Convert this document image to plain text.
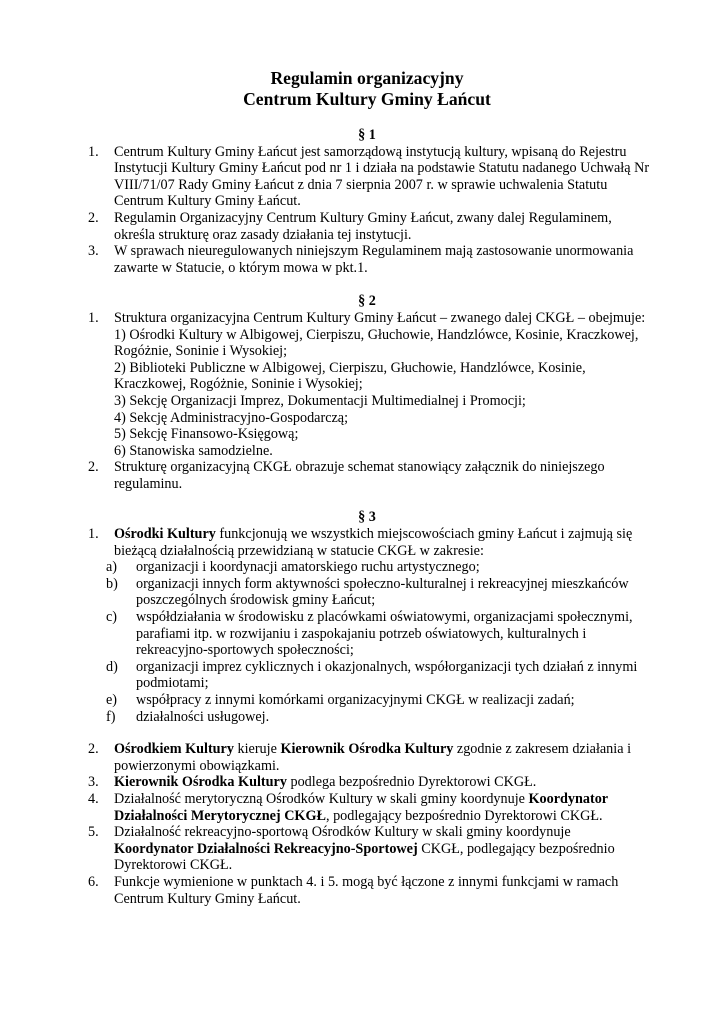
Regulamin organizacyjny
Centrum Kultury Gminy Łańcut
§ 1
1. Centrum Kultury Gminy Łańcut jest samorządową instytucją kultury, wpisaną do Rejestru Instytucji Kultury Gminy Łańcut pod nr 1 i działa na podstawie Statutu nadanego Uchwałą Nr VIII/71/07 Rady Gminy Łańcut z dnia 7 sierpnia 2007 r. w sprawie uchwalenia Statutu Centrum Kultury Gminy Łańcut.
2. Regulamin Organizacyjny Centrum Kultury Gminy Łańcut, zwany dalej Regulaminem, określa strukturę oraz zasady działania tej instytucji.
3. W sprawach nieuregulowanych niniejszym Regulaminem mają zastosowanie unormowania zawarte w Statucie, o którym mowa w pkt.1.
§ 2
1. Struktura organizacyjna Centrum Kultury Gminy Łańcut – zwanego dalej CKGŁ – obejmuje:
1) Ośrodki Kultury w Albigowej, Cierpiszu, Głuchowie, Handzlówce, Kosinie, Kraczkowej, Rogóżnie, Soninie i Wysokiej;
2) Biblioteki Publiczne w Albigowej, Cierpiszu, Głuchowie, Handzlówce, Kosinie, Kraczkowej, Rogóżnie, Soninie i Wysokiej;
3) Sekcję Organizacji Imprez, Dokumentacji Multimedialnej i Promocji;
4) Sekcję Administracyjno-Gospodarczą;
5) Sekcję Finansowo-Księgową;
6) Stanowiska samodzielne.
2. Strukturę organizacyjną CKGŁ obrazuje schemat stanowiący załącznik do niniejszego regulaminu.
§ 3
1. Ośrodki Kultury funkcjonują we wszystkich miejscowościach gminy Łańcut i zajmują się bieżącą działalnością przewidzianą w statucie CKGŁ w zakresie:
a) organizacji i koordynacji amatorskiego ruchu artystycznego;
b) organizacji innych form aktywności społeczno-kulturalnej i rekreacyjnej mieszkańców poszczególnych środowisk gminy Łańcut;
c) współdziałania w środowisku z placówkami oświatowymi, organizacjami społecznymi, parafiami itp. w rozwijaniu i zaspokajaniu potrzeb oświatowych, kulturalnych i rekreacyjno-sportowych społeczności;
d) organizacji imprez cyklicznych i okazjonalnych, współorganizacji tych działań z innymi podmiotami;
e) współpracy z innymi komórkami organizacyjnymi CKGŁ w realizacji zadań;
f) działalności usługowej.
2. Ośrodkiem Kultury kieruje Kierownik Ośrodka Kultury zgodnie z zakresem działania i powierzonymi obowiązkami.
3. Kierownik Ośrodka Kultury podlega bezpośrednio Dyrektorowi CKGŁ.
4. Działalność merytoryczną Ośrodków Kultury w skali gminy koordynuje Koordynator Działalności Merytorycznej CKGŁ, podlegający bezpośrednio Dyrektorowi CKGŁ.
5. Działalność rekreacyjno-sportową Ośrodków Kultury w skali gminy koordynuje Koordynator Działalności Rekreacyjno-Sportowej CKGŁ, podlegający bezpośrednio Dyrektorowi CKGŁ.
6. Funkcje wymienione w punktach 4. i 5. mogą być łączone z innymi funkcjami w ramach Centrum Kultury Gminy Łańcut.
